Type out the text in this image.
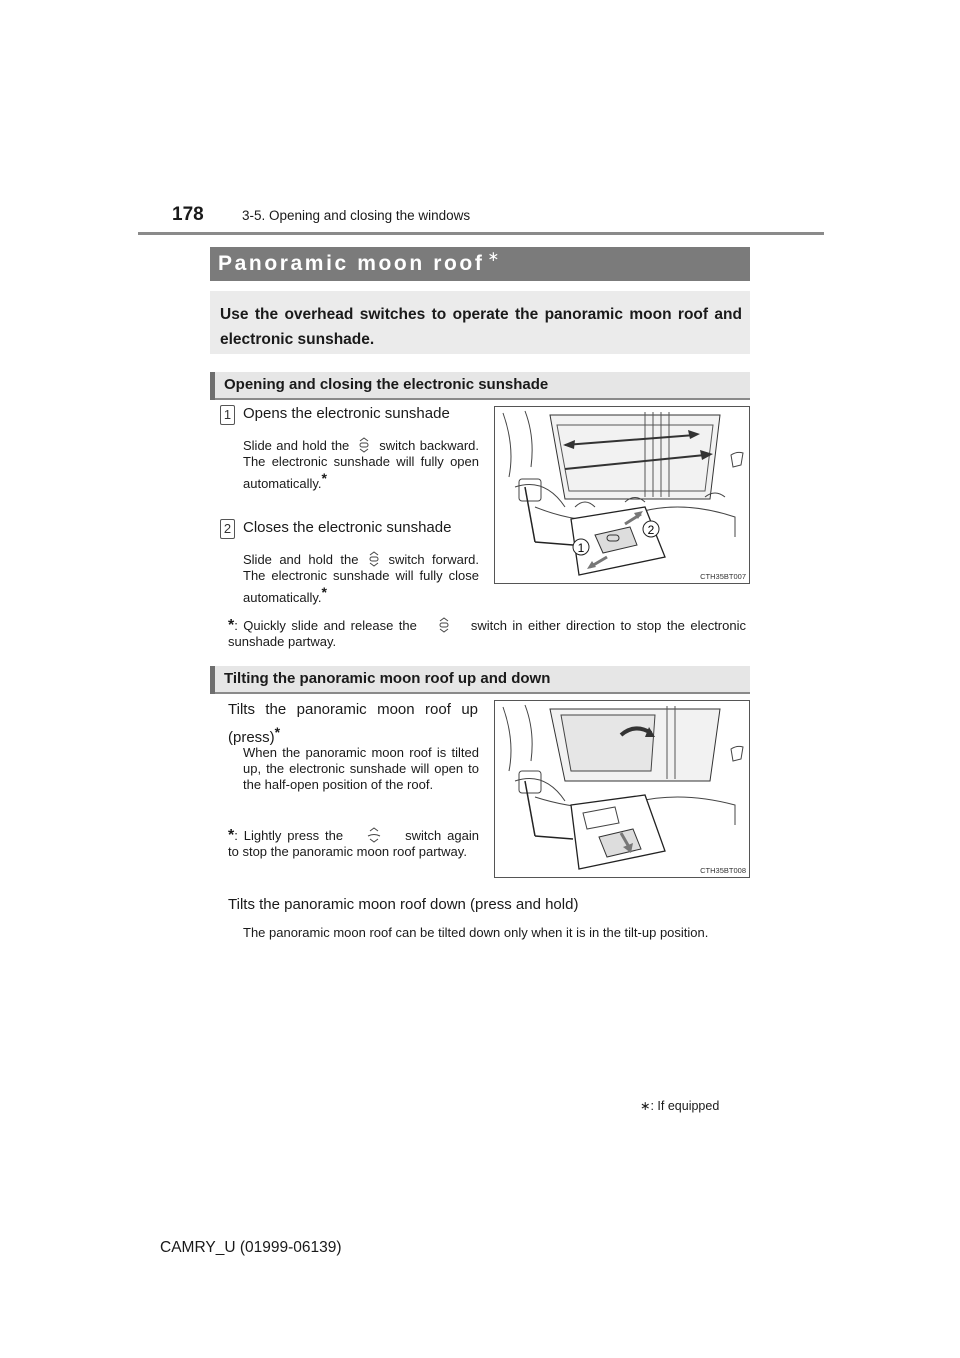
178	3-5. Opening and closing the windows
Panoramic moon roof ∗
Use the overhead switches to operate the panoramic moon roof and electronic sunshade.
Opening and closing the electronic sunshade
1 Opens the electronic sunshade
Slide and hold the switch backward. The electronic sunshade will fully open automatically.*
2 Closes the electronic sunshade
Slide and hold the switch forward. The electronic sunshade will fully close automatically.*
*: Quickly slide and release the	switch in either direction to stop the electronic sunshade partway.
1
2
CTH35BT007
Tilting the panoramic moon roof up and down
Tilts the panoramic moon roof up (press)*
When the panoramic moon roof is tilted up, the electronic sunshade will open to the half-open position of the roof.
*: Lightly press the	switch again to stop the panoramic moon roof partway.
CTH35BT008
Tilts the panoramic moon roof down (press and hold)
The panoramic moon roof can be tilted down only when it is in the tilt-up position.
∗: If equipped
CAMRY_U (01999-06139)
